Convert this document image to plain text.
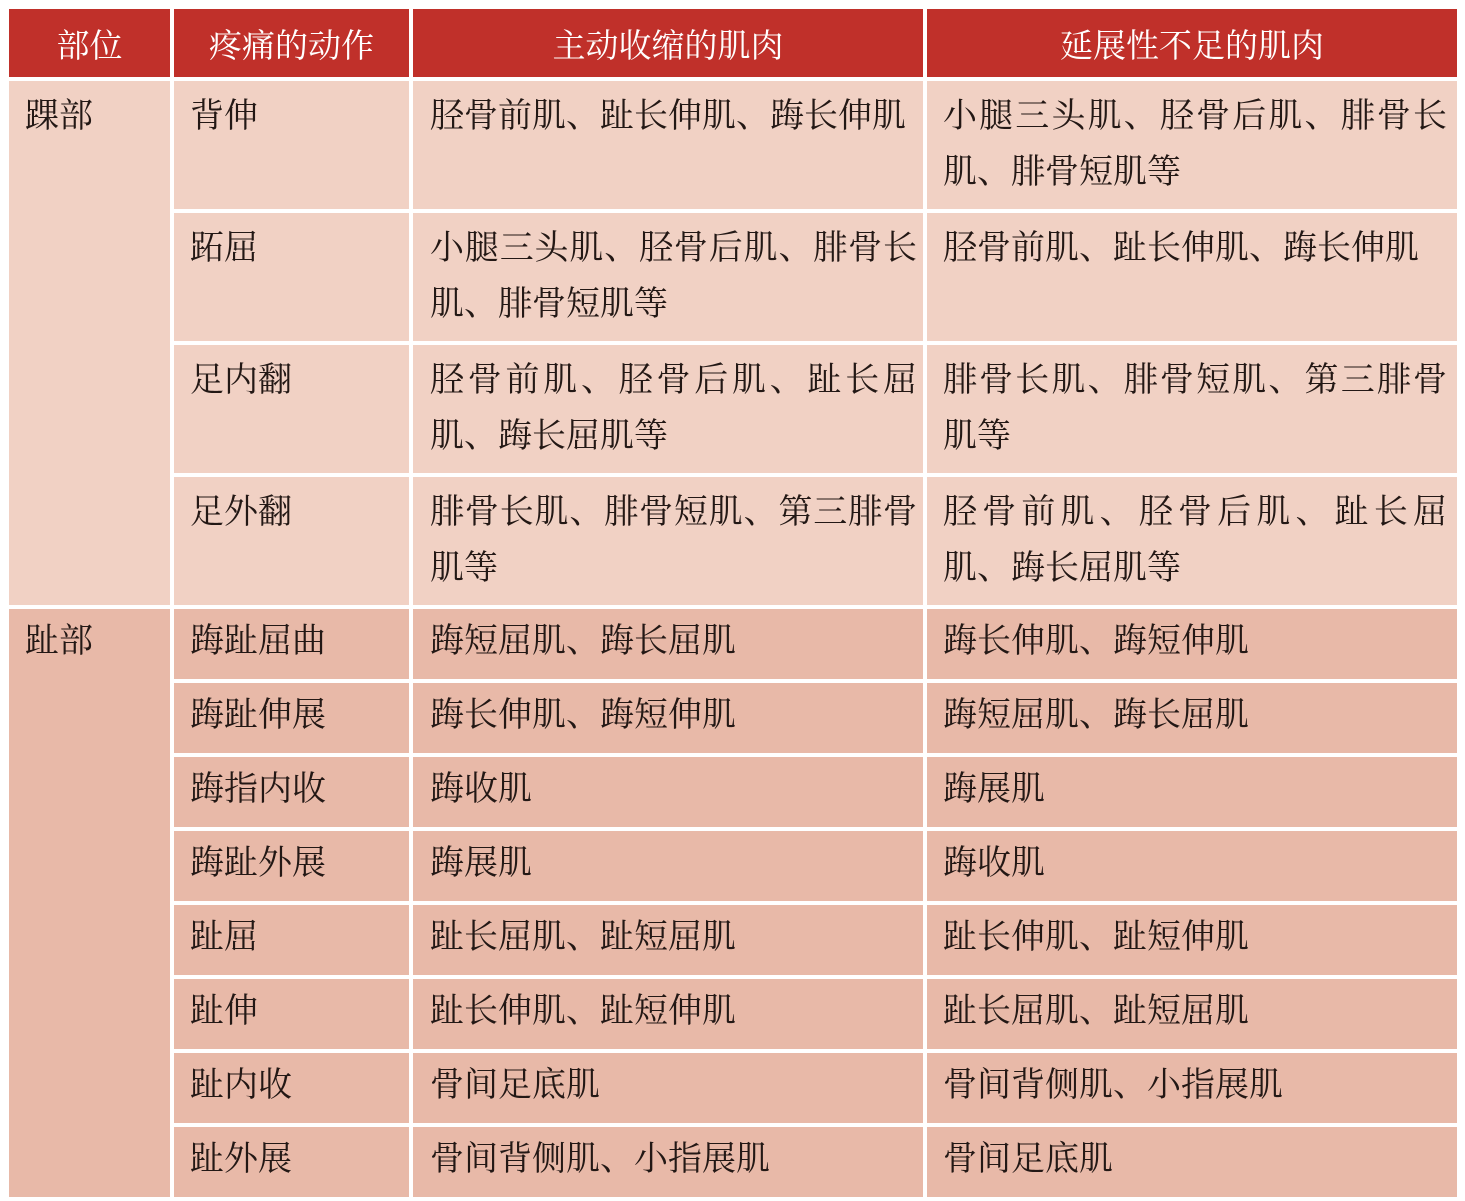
部位	疼痛的动作	主动收缩的肌肉	延展性不足的肌肉
踝部	背伸	胫骨前肌、趾长伸肌、踇长伸肌	小腿三头肌、胫骨后肌、腓骨长肌、腓骨短肌等
	跖屈	小腿三头肌、胫骨后肌、腓骨长肌、腓骨短肌等	胫骨前肌、趾长伸肌、踇长伸肌
	足内翻	胫骨前肌、胫骨后肌、趾长屈肌、踇长屈肌等	腓骨长肌、腓骨短肌、第三腓骨肌等
	足外翻	腓骨长肌、腓骨短肌、第三腓骨肌等	胫骨前肌、胫骨后肌、趾长屈肌、踇长屈肌等
趾部	踇趾屈曲	踇短屈肌、踇长屈肌	踇长伸肌、踇短伸肌
	踇趾伸展	踇长伸肌、踇短伸肌	踇短屈肌、踇长屈肌
	踇指内收	踇收肌	踇展肌
	踇趾外展	踇展肌	踇收肌
	趾屈	趾长屈肌、趾短屈肌	趾长伸肌、趾短伸肌
	趾伸	趾长伸肌、趾短伸肌	趾长屈肌、趾短屈肌
	趾内收	骨间足底肌	骨间背侧肌、小指展肌
	趾外展	骨间背侧肌、小指展肌	骨间足底肌
